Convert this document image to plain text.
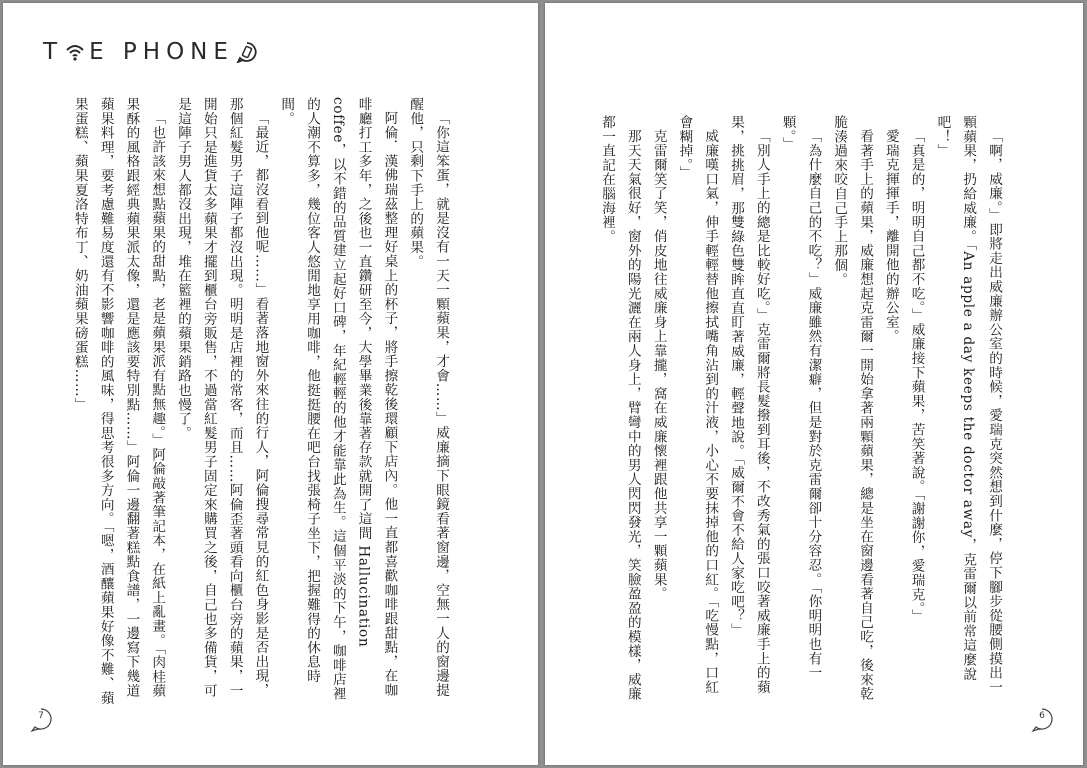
T E PHONE

「你這笨蛋，就是沒有一天一顆蘋果，才會……」威廉摘下眼鏡看著窗邊，空無一人的窗邊提醒他，只剩下手上的蘋果。

阿倫．漢佛瑞茲整理好桌上的杯子，將手擦乾後環顧下店內。他一直都喜歡咖啡跟甜點，在咖啡廳打工多年，之後也一直鑽研至今，大學畢業後靠著存款就開了這間 Hallucination coffee，以不錯的品質建立起好口碑，年紀輕輕的他才能靠此為生。這個平淡的下午，咖啡店裡的人潮不算多，幾位客人悠閒地享用咖啡，他挺挺腰在吧台找張椅子坐下，把握難得的休息時間。

「最近，都沒看到他呢……」看著落地窗外來往的行人，阿倫搜尋常見的紅色身影是否出現，那個紅髮男子這陣子都沒出現。明明是店裡的常客，而且……阿倫歪著頭看向櫃台旁的蘋果，一開始只是進貨太多蘋果才擺到櫃台旁販售，不過當紅髮男子固定來購買之後，自己也多備貨，可是這陣子男人都沒出現，堆在籃裡的蘋果銷路也慢了。

「也許該來想點蘋果的甜點，老是蘋果派有點無趣。」阿倫敲著筆記本，在紙上亂畫。「肉桂蘋果酥的風格跟經典蘋果派太像，還是應該要特別點……」阿倫一邊翻著糕點食譜，一邊寫下幾道蘋果料理，要考慮難易度還有不影響咖啡的風味，得思考很多方向。「嗯，酒釀蘋果好像不難、蘋果蛋糕、蘋果夏洛特布丁、奶油蘋果磅蛋糕……」

7

「啊，威廉。」即將走出威廉辦公室的時候，愛瑞克突然想到什麼，停下腳步從腰側摸出一顆蘋果，扔給威廉。「An apple a day keeps the doctor away，克雷爾以前常這麼說吧！」

「真是的，明明自己都不吃。」威廉接下蘋果，苦笑著說。「謝謝你，愛瑞克。」

愛瑞克揮揮手，離開他的辦公室。

看著手上的蘋果，威廉想起克雷爾一開始拿著兩顆蘋果，總是坐在窗邊看著自己吃，後來乾脆湊過來咬自己手上那個。

「為什麼自己的不吃？」威廉雖然有潔癖，但是對於克雷爾卻十分容忍。「你明明也有一顆。」

「別人手上的總是比較好吃。」克雷爾將長髮撥到耳後，不改秀氣的張口咬著威廉手上的蘋果，挑挑眉，那雙綠色雙眸直直盯著威廉，輕聲地說。「威爾不會不給人家吃吧？」

威廉嘆口氣，伸手輕輕替他擦拭嘴角沾到的汁液，小心不要抹掉他的口紅。「吃慢點，口紅會糊掉。」

克雷爾笑了笑，俏皮地往威廉身上靠攏，窩在威廉懷裡跟他共享一顆蘋果。

那天天氣很好，窗外的陽光灑在兩人身上，臂彎中的男人閃閃發光，笑臉盈盈的模樣，威廉都一直記在腦海裡。

6
